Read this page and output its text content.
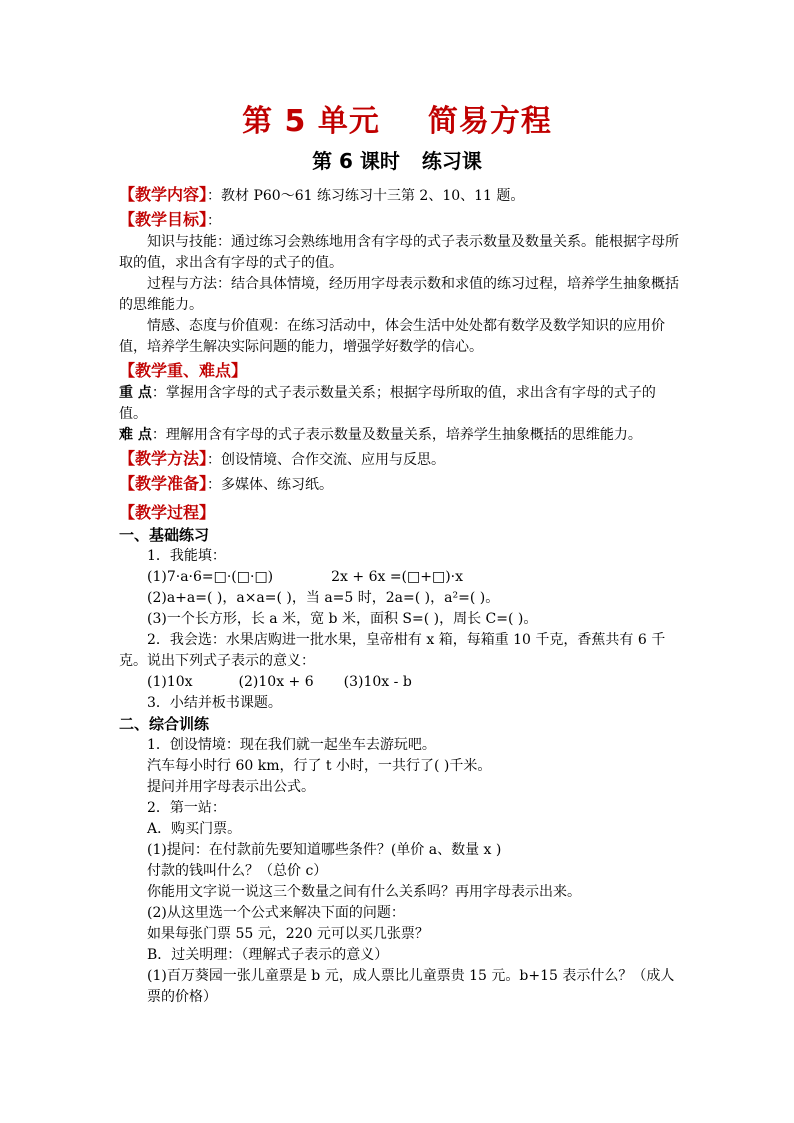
第 5 单元 简易方程
第 6 课时 练习课

【教学内容】：教材 P60～61 练习练习十三第 2、10、11 题。

【教学目标】：

知识与技能：通过练习会熟练地用含有字母的式子表示数量及数量关系。能根据字母所取的值，求出含有字母的式子的值。

过程与方法：结合具体情境，经历用字母表示数和求值的练习过程，培养学生抽象概括的思维能力。

情感、态度与价值观：在练习活动中，体会生活中处处都有数学及数学知识的应用价值，培养学生解决实际问题的能力，增强学好数学的信心。

【教学重、难点】

重 点：掌握用含字母的式子表示数量关系；根据字母所取的值，求出含有字母的式子的值。

难 点：理解用含有字母的式子表示数量及数量关系，培养学生抽象概括的思维能力。

【教学方法】：创设情境、合作交流、应用与反思。

【教学准备】：多媒体、练习纸。

【教学过程】

一、基础练习

1．我能填：

(1)7·a·6=□·(□·□)	2x + 6x =(□+□)·x

(2)a+a=( )，a×a=( )，当 a=5 时，2a=( )，a²=( )。

(3)一个长方形，长 a 米，宽 b 米，面积 S=( )，周长 C=( )。

2．我会选：水果店购进一批水果，皇帝柑有 x 箱，每箱重 10 千克，香蕉共有 6 千克。说出下列式子表示的意义：

(1)10x	(2)10x + 6 (3)10x - b

3．小结并板书课题。

二、综合训练

1．创设情境：现在我们就一起坐车去游玩吧。

汽车每小时行 60 km，行了 t 小时，一共行了( )千米。

提问并用字母表示出公式。

2．第一站：

A．购买门票。

(1)提问：在付款前先要知道哪些条件？(单价 a、数量 x )

付款的钱叫什么？（总价 c）

你能用文字说一说这三个数量之间有什么关系吗？再用字母表示出来。

(2)从这里选一个公式来解决下面的问题：

如果每张门票 55 元，220 元可以买几张票？

B．过关明理：（理解式子表示的意义）

(1)百万葵园一张儿童票是 b 元，成人票比儿童票贵 15 元。b+15 表示什么？（成人票的价格）
